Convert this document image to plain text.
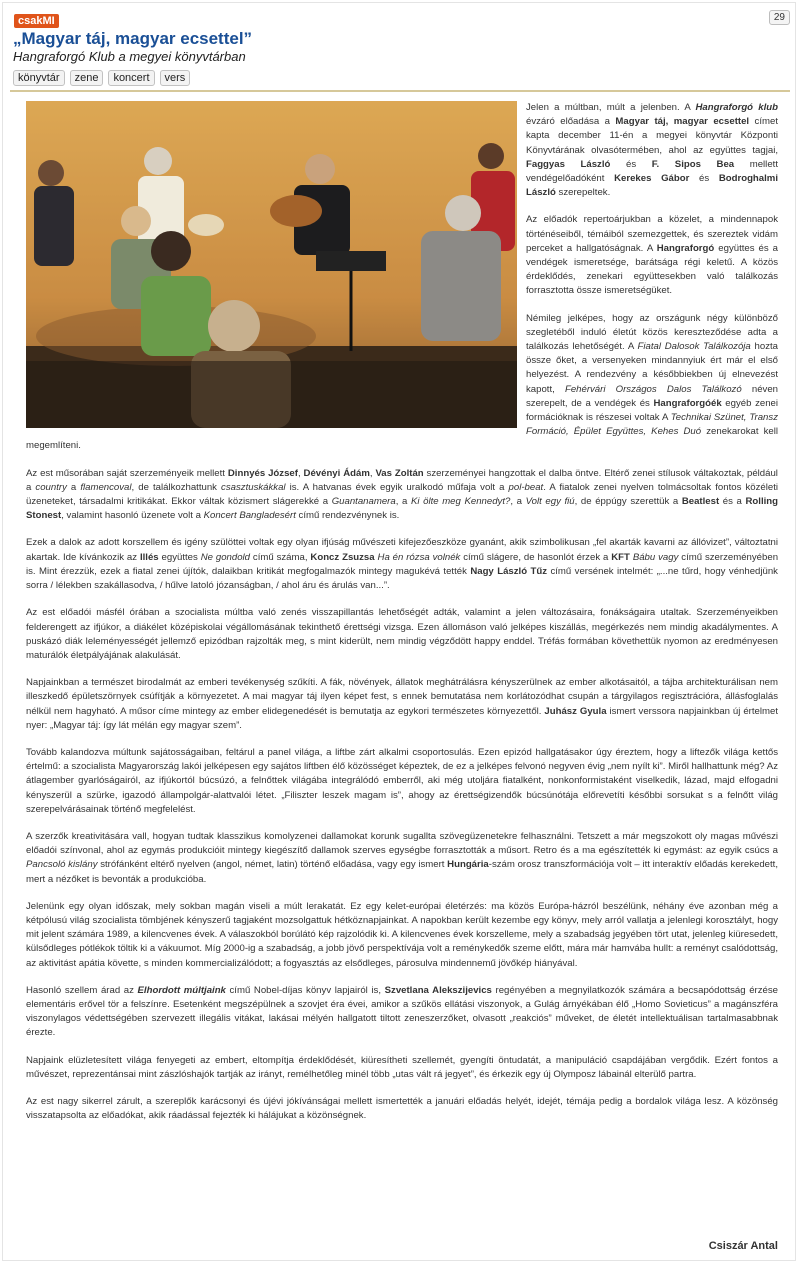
csakMI	29
„Magyar táj, magyar ecsettel”
Hangraforgó Klub a megyei könyvtárban
könyvtár	zene	koncert	vers

Jelen a múltban, múlt a jelenben. A Hangraforgó klub évzáró előadása a Magyar táj, magyar ecsettel címet kapta december 11-én a megyei könyvtár Központi Könyvtárának olvasótermében, ahol az együttes tagjai, Faggyas László és F. Sipos Bea mellett vendégelőadóként Kerekes Gábor és Bodroghalmi László szerepeltek.

Az előadók repertoárjukban a közelet, a mindennapok történéseiből, témáiból szemezgettek, és szereztek vidám perceket a hallgatóságnak. A Hangraforgó együttes és a vendégek ismeretsége, barátsága régi keletű. A közös érdeklődés, zenekari együttesekben való találkozás forrasztotta össze ismeretségüket.

Némileg jelképes, hogy az országunk négy különböző szegletéből induló életút közös kereszteződése adta a találkozás lehetőségét. A Fiatal Dalosok Találkozója hozta össze őket, a versenyeken mindannyiuk ért már el első helyezést. A rendezvény a későbbiekben új elnevezést kapott, Fehérvári Országos Dalos Találkozó néven szerepelt, de a vendégek és Hangraforgóék egyéb zenei formációknak is részesei voltak A Technikai Szünet, Transz Formáció, Épület Együttes, Kehes Duó zenekarokat kell megemlíteni.

Az est műsorában saját szerzeményeik mellett Dinnyés József, Dévényi Ádám, Vas Zoltán szerzeményei hangzottak el dalba öntve. Eltérő zenei stílusok váltakoztak, például a country a flamencoval, de találkozhattunk csasztuskákkal is. A hatvanas évek egyik uralkodó műfaja volt a pol-beat. A fiatalok zenei nyelven tolmácsoltak fontos közéleti üzeneteket, társadalmi kritikákat. Ekkor váltak közismert slágerekké a Guantanamera, a Ki ölte meg Kennedyt?, a Volt egy fiú, de éppúgy szerettük a Beatlest és a Rolling Stonest, valamint hasonló üzenete volt a Koncert Bangladesért című rendezvénynek is.

Ezek a dalok az adott korszellem és igény szülöttei voltak egy olyan ifjúság művészeti kifejezőeszköze gyanánt, akik szimbolikusan „fel akarták kavarni az állóvizet”, változtatni akartak. Ide kívánkozik az Illés együttes Ne gondold című száma, Koncz Zsuzsa Ha én rózsa volnék című slágere, de hasonlót érzek a KFT Bábu vagy című szerzeményében is. Mint érezzük, ezek a fiatal zenei újítók, dalaikban kritikát megfogalmazók mintegy magukévá tették Nagy László Tűz című versének intelmét: „...ne tűrd, hogy vénhedjünk sorra / lélekben szakállasodva, / hűlve latoló józanságban, / ahol áru és árulás van...”.

Az est előadói másfél órában a szocialista múltba való zenés visszapillantás lehetőségét adták, valamint a jelen változásaira, fonákságaira utaltak. Szerzeményeikben felderengett az ifjúkor, a diákélet középiskolai végállomásának tekinthető érettségi vizsga. Ezen állomáson való jelképes kiszállás, megérkezés nem mindig akadálymentes. A puskázó diák leleményességét jellemző epizódban rajzolták meg, s mint kiderült, nem mindig végződött happy enddel. Tréfás formában követhettük nyomon az eredményesen maturálók életpályájának alakulását.

Napjainkban a természet birodalmát az emberi tevékenység szűkíti. A fák, növények, állatok meghátrálásra kényszerülnek az ember alkotásaitól, a tájba architekturálisan nem illeszkedő épületszörnyek csúfítják a környezetet. A mai magyar táj ilyen képet fest, s ennek bemutatása nem korlátozódhat csupán a tárgyilagos regisztrációra, állásfoglalás nélkül nem hagyható. A műsor címe mintegy az ember elidegenedését is bemutatja az egykori természetes környezettől. Juhász Gyula ismert verssora napjainkban új értelmet nyer: „Magyar táj: így lát mélán egy magyar szem”.

Tovább kalandozva múltunk sajátosságaiban, feltárul a panel világa, a liftbe zárt alkalmi csoportosulás. Ezen epizód hallgatásakor úgy éreztem, hogy a liftezők világa kettős értelmű: a szocialista Magyarország lakói jelképesen egy sajátos liftben élő közösséget képeztek, de ez a jelképes felvonó negyven évig „nem nyílt ki”. Miről hallhattunk még? Az átlagember gyarlóságairól, az ifjúkortól búcsúzó, a felnőttek világába integrálódó emberről, aki még utoljára fiatalként, nonkonformistaként viselkedik, lázad, majd elfogadni kényszerül a szürke, igazodó állampolgár-alattvalói létet. „Filiszter leszek magam is”, ahogy az érettségizendők búcsúnótája előrevetíti későbbi sorsukat s a felnőtt világ szerepelvárásainak történő megfelelést.

A szerzők kreativitására vall, hogyan tudtak klasszikus komolyzenei dallamokat korunk sugallta szövegüzenetekre felhasználni. Tetszett a már megszokott oly magas művészi előadói színvonal, ahol az egymás produkcióit mintegy kiegészítő dallamok szerves egységbe forrasztották a műsort. Retro és a ma egészítették ki egymást: az egyik csúcs a Pancsoló kislány strófánként eltérő nyelven (angol, német, latin) történő előadása, vagy egy ismert Hungária-szám orosz transzformációja volt – itt interaktív előadás kerekedett, mert a nézőket is bevonták a produkcióba.

Jelenünk egy olyan időszak, mely sokban magán viseli a múlt lerakatát. Ez egy kelet-európai életérzés: ma közös Európa-házról beszélünk, néhány éve azonban még a kétpólusú világ szocialista tömbjének kényszerű tagjaként mozsolgattuk hétköznapjainkat. A napokban került kezembe egy könyv, mely arról vallatja a jelenlegi korosztályt, hogy mit jelent számára 1989, a kilencvenes évek. A válaszokból borúlátó kép rajzolódik ki. A kilencvenes évek korszelleme, mely a szabadság jegyében tört utat, jelenleg kiüresedett, külsődleges pótlékok töltik ki a vákuumot. Míg 2000-ig a szabadság, a jobb jövő perspektívája volt a reménykedők szeme előtt, mára már hamvába hullt: a reményt csalódottság, az aktivitást apátia követte, s minden kommercializálódott; a fogyasztás az elsődleges, párosulva mindennemű jövőkép hiányával.

Hasonló szellem árad az Elhordott múltjaink című Nobel-díjas könyv lapjairól is, Szvetlana Alekszijevics regényében a megnyilatkozók számára a becsapódottság érzése elementáris erővel tör a felszínre. Esetenként megszépülnek a szovjet éra évei, amikor a szűkös ellátási viszonyok, a Gulág árnyékában élő „Homo Sovieticus” a magánszféra viszonylagos védettségében szervezett illegális vitákat, lakásai mélyén hallgatott tiltott zeneszerzőket, olvasott „reakciós” műveket, de életét intellektuálisan tartalmasabbnak érezte.

Napjaink elüzletesített világa fenyegeti az embert, eltompítja érdeklődését, kiüresítheti szellemét, gyengíti öntudatát, a manipuláció csapdájában vergődik. Ezért fontos a művészet, reprezentánsai mint zászlóshajók tartják az irányt, remélhetőleg minél több „utas vált rá jegyet”, és érkezik egy új Olymposz lábainál elterülő partra.

Az est nagy sikerrel zárult, a szereplők karácsonyi és újévi jókívánságai mellett ismertették a januári előadás helyét, idejét, témája pedig a bordalok világa lesz. A közönség visszatapsolta az előadókat, akik ráadással fejezték ki hálájukat a közönségnek.

Csiszár Antal
